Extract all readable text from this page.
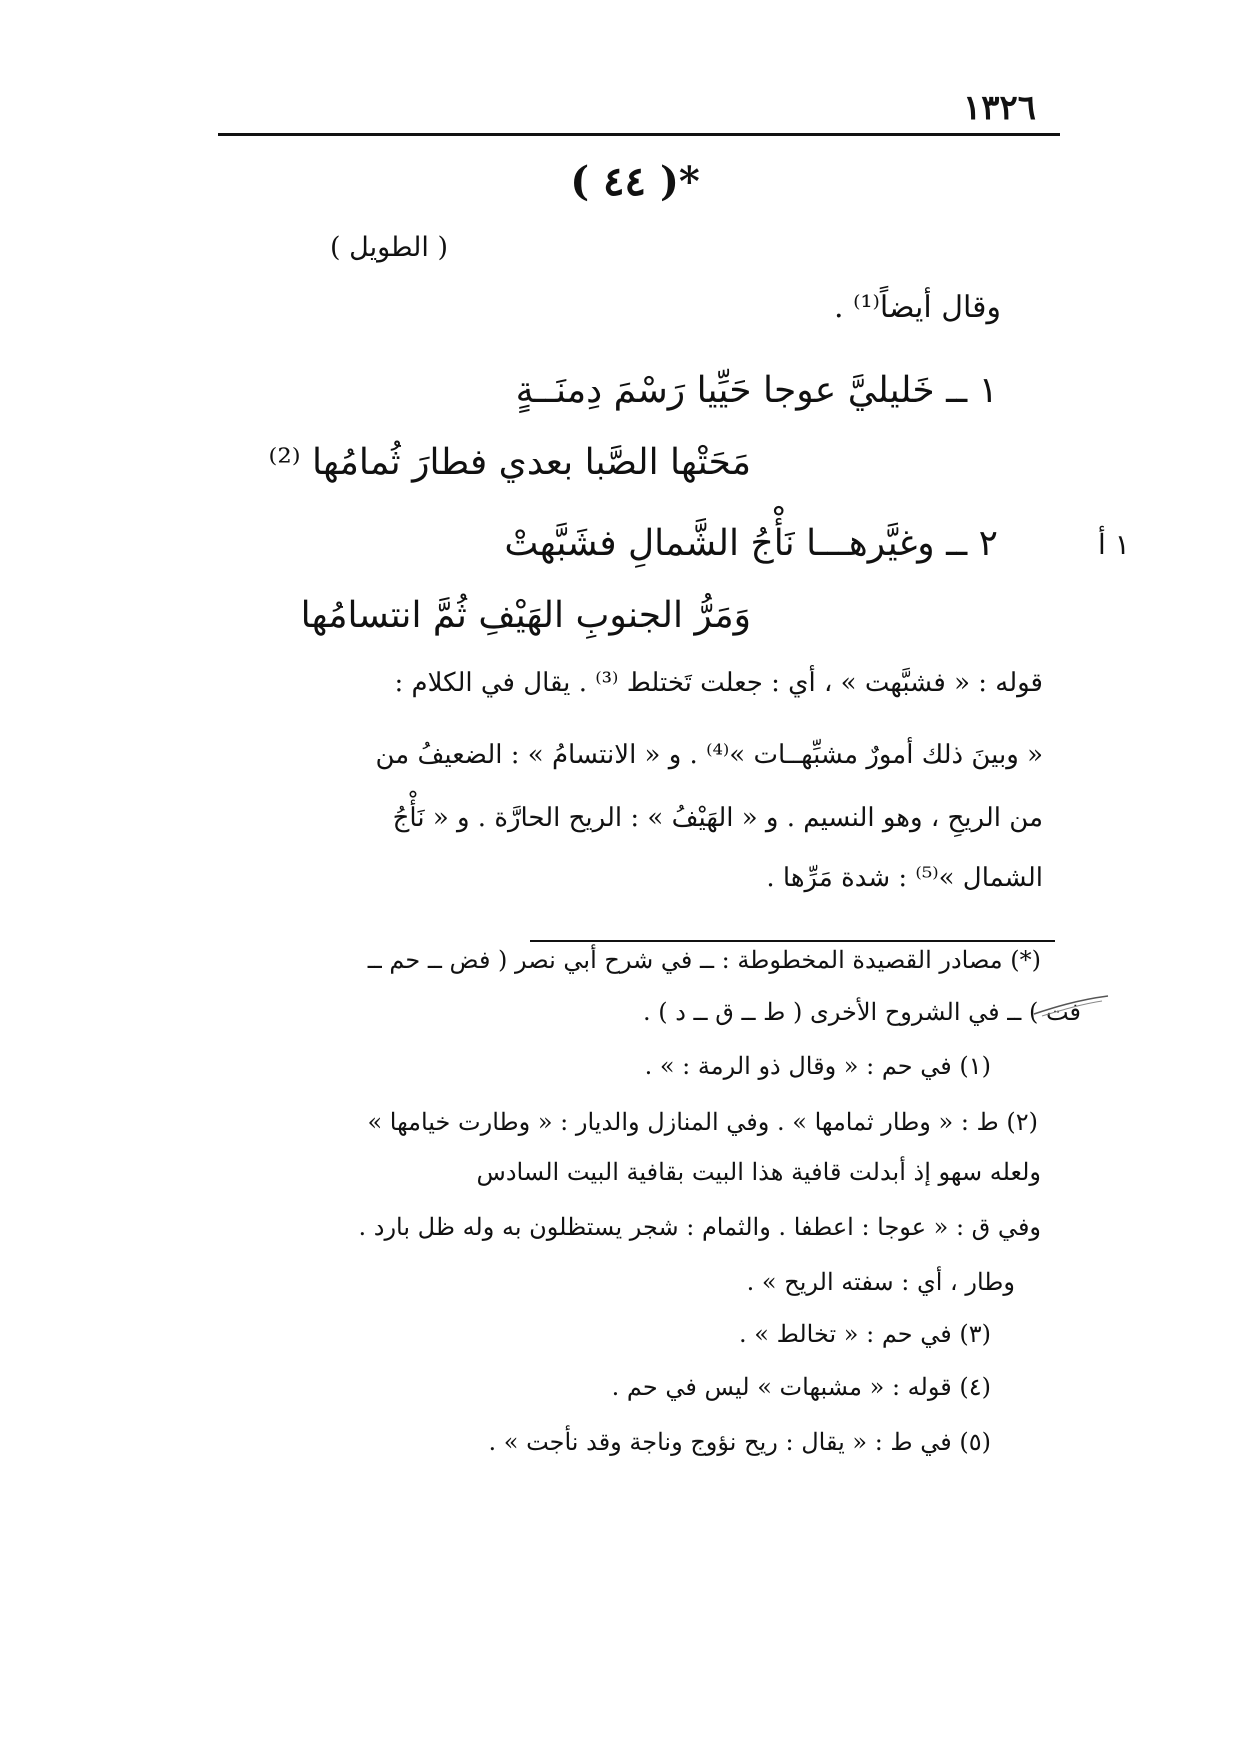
١٣٢٦
( ٤٤ )*
( الطويل )
وقال أيضاً⁽¹⁾ .
١ ــ خَليليَّ عوجا حَيِّيا رَسْمَ دِمنَــةٍ
مَحَتْها الصَّبا بعدي فطارَ ثُمامُها ⁽²⁾
٢ ــ وغيَّرهـــا نَأْجُ الشَّمالِ فشَبَّهتْ
وَمَرُّ الجنوبِ الهَيْفِ ثُمَّ انتسامُها
١ أ
قوله : « فشبَّهت » ، أي : جعلت تَختلط ⁽³⁾ . يقال في الكلام :
« وبينَ ذلك أمورٌ مشبِّهــات »⁽⁴⁾ . و « الانتسامُ » : الضعيفُ من
من الريحِ ، وهو النسيم . و « الهَيْفُ » : الريح الحارَّة . و « نَأْجُ
الشمال »⁽⁵⁾ : شدة مَرِّها .
(*) مصادر القصيدة المخطوطة : ــ في شرح أبي نصر ( فض ــ حم ــ
فت ) ــ في الشروح الأخرى ( ط ــ ق ــ د ) .
(١) في حم : « وقال ذو الرمة : » .
(٢) ط : « وطار ثمامها » . وفي المنازل والديار : « وطارت خيامها »
ولعله سهو إذ أبدلت قافية هذا البيت بقافية البيت السادس
وفي ق : « عوجا : اعطفا . والثمام : شجر يستظلون به وله ظل بارد .
وطار ، أي : سفته الريح » .
(٣) في حم : « تخالط » .
(٤) قوله : « مشبهات » ليس في حم .
(٥) في ط : « يقال : ريح نؤوج وناجة وقد نأجت » .
